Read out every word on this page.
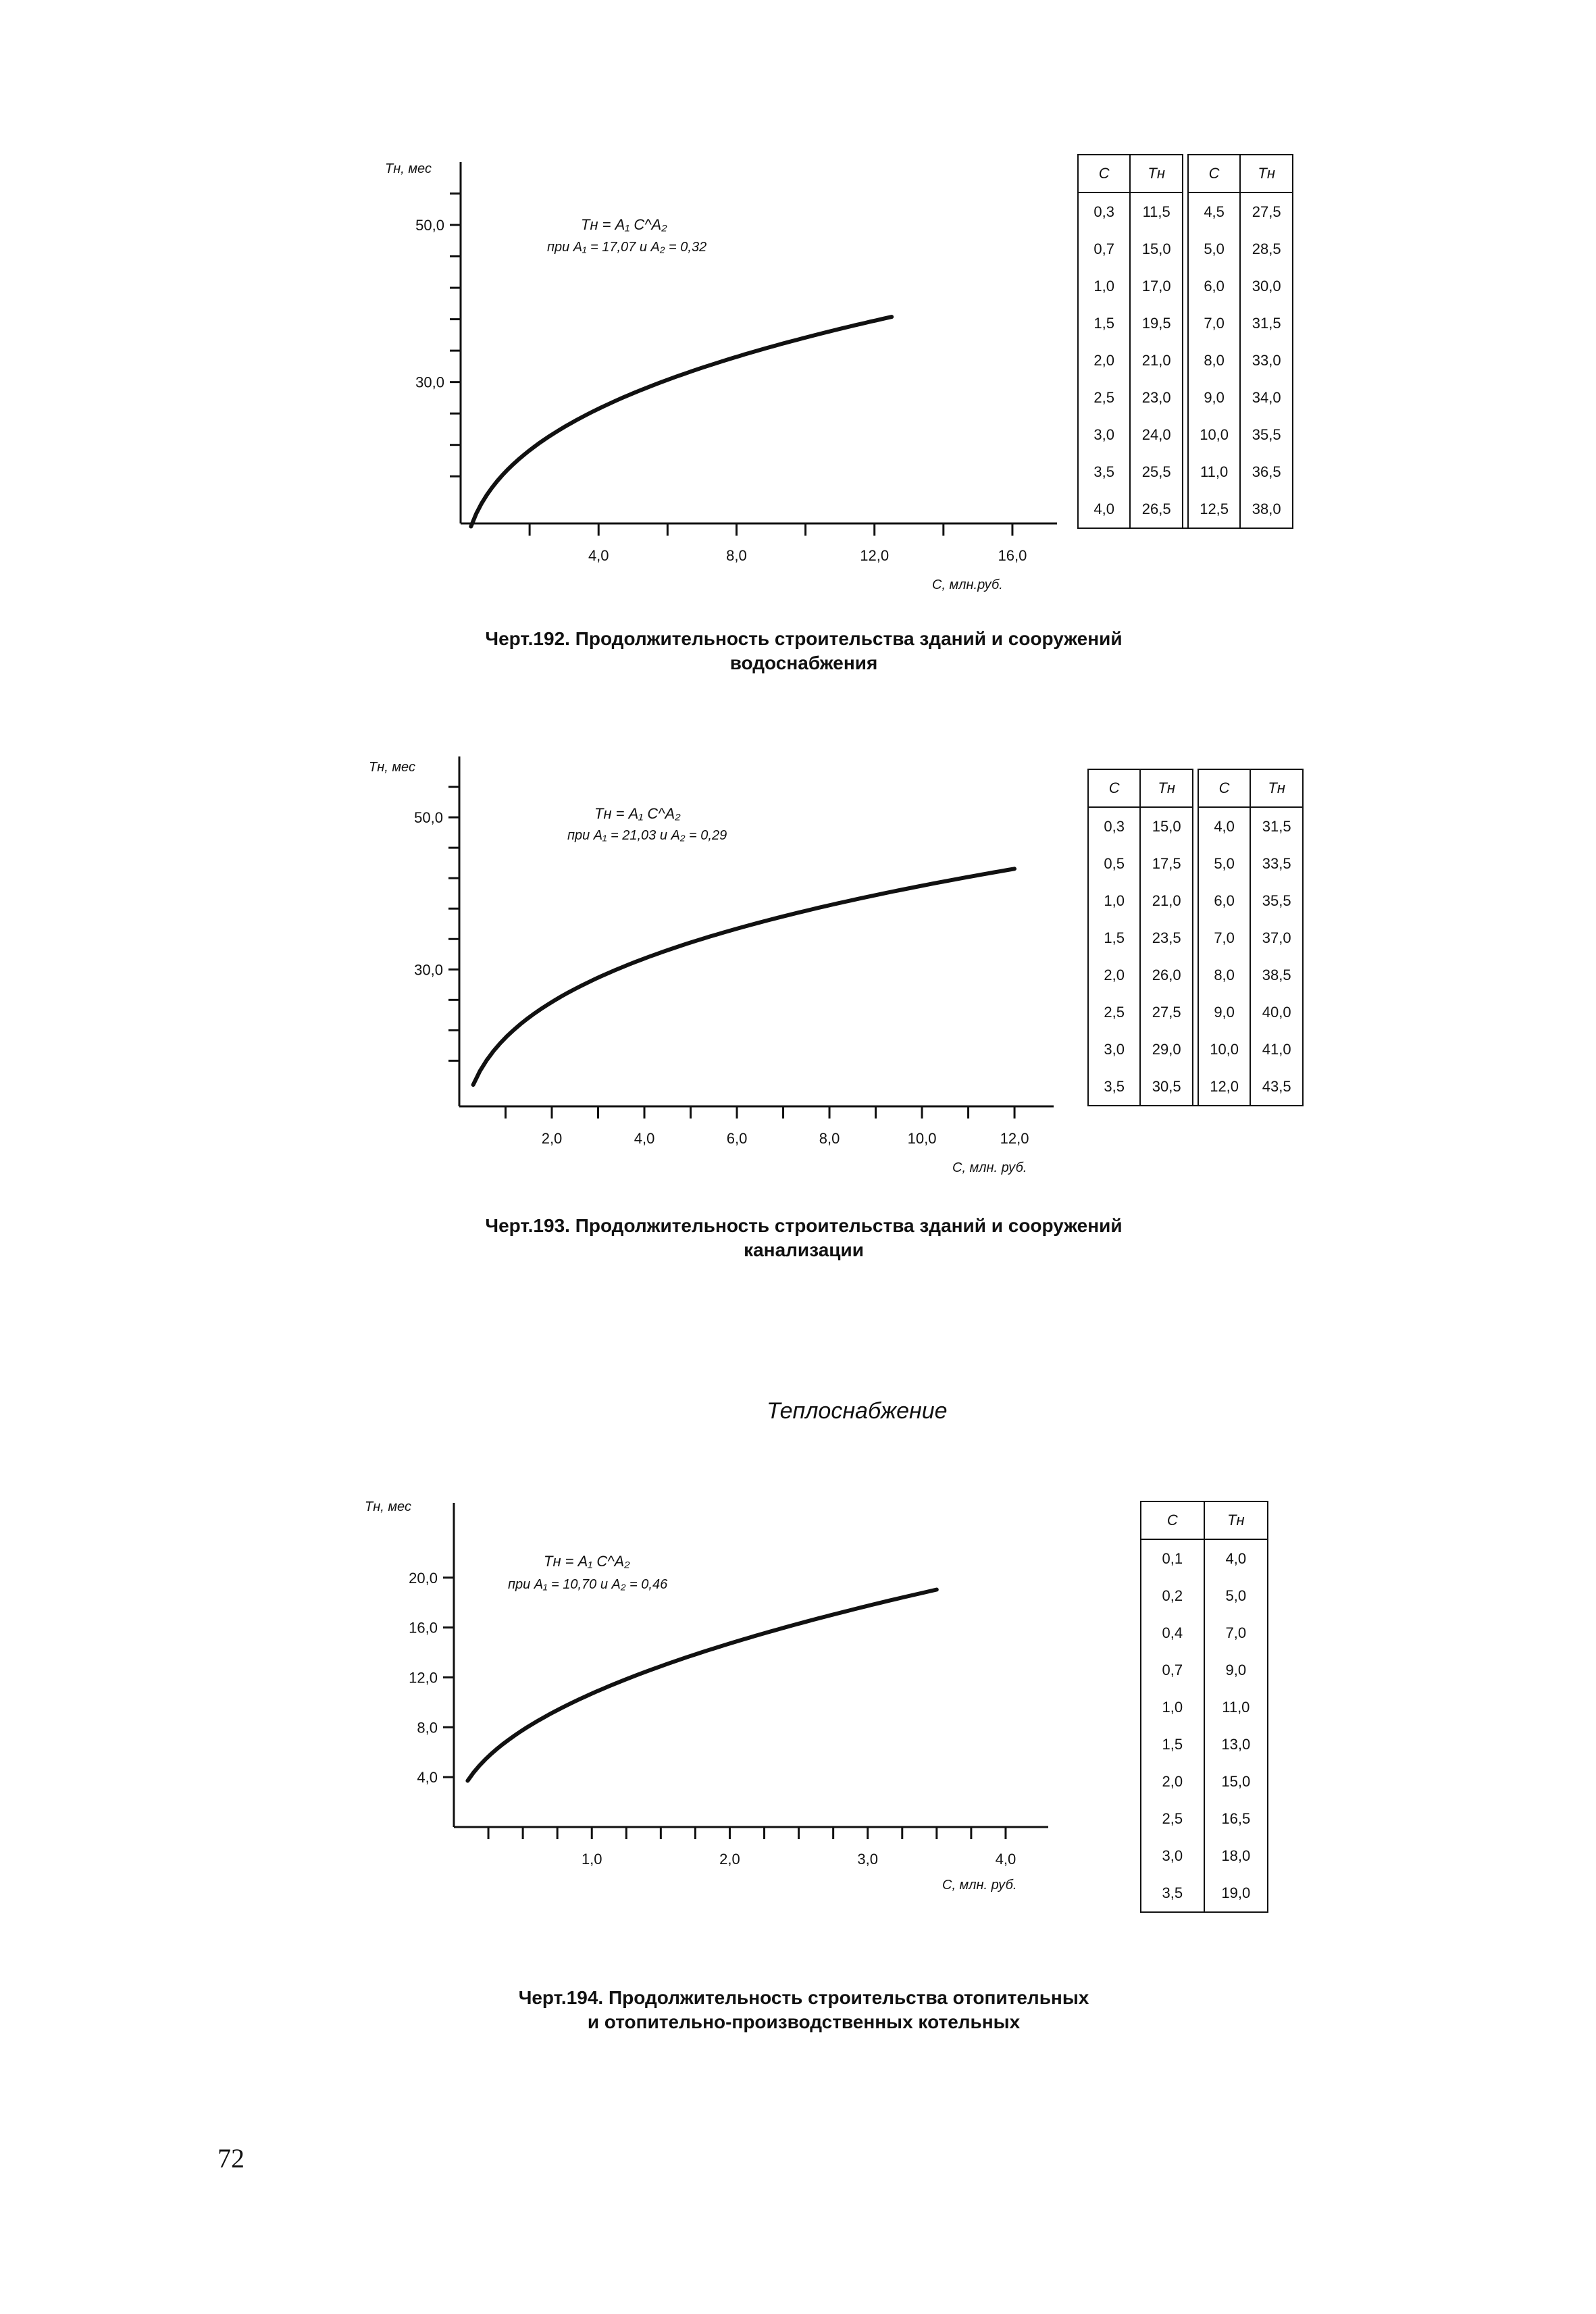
Тн, мес
Тн = A₁ C^A₂
при A₁ = 17,07 и A₂ = 0,32
30,0
50,0
4,0	8,0	12,0	16,0
C, млн.руб.
C	Тн		C	Тн
0,3	11,5		4,5	27,5
0,7	15,0		5,0	28,5
1,0	17,0		6,0	30,0
1,5	19,5		7,0	31,5
2,0	21,0		8,0	33,0
2,5	23,0		9,0	34,0
3,0	24,0		10,0	35,5
3,5	25,5		11,0	36,5
4,0	26,5		12,5	38,0
Черт.192. Продолжительность строительства зданий и сооружений
водоснабжения
Тн, мес
Тн = A₁ C^A₂
при A₁ = 21,03 и A₂ = 0,29
30,0
50,0
2,0	4,0	6,0	8,0	10,0	12,0
C, млн. руб.
C	Тн		C	Тн
0,3	15,0		4,0	31,5
0,5	17,5		5,0	33,5
1,0	21,0		6,0	35,5
1,5	23,5		7,0	37,0
2,0	26,0		8,0	38,5
2,5	27,5		9,0	40,0
3,0	29,0		10,0	41,0
3,5	30,5		12,0	43,5
Черт.193. Продолжительность строительства зданий и сооружений
канализации
Теплоснабжение
Тн, мес
Тн = A₁ C^A₂
при A₁ = 10,70 и A₂ = 0,46
4,0
8,0
12,0
16,0
20,0
1,0	2,0	3,0	4,0
C, млн. руб.
C	Тн
0,1	4,0
0,2	5,0
0,4	7,0
0,7	9,0
1,0	11,0
1,5	13,0
2,0	15,0
2,5	16,5
3,0	18,0
3,5	19,0
Черт.194. Продолжительность строительства отопительных
и отопительно-производственных котельных
72
